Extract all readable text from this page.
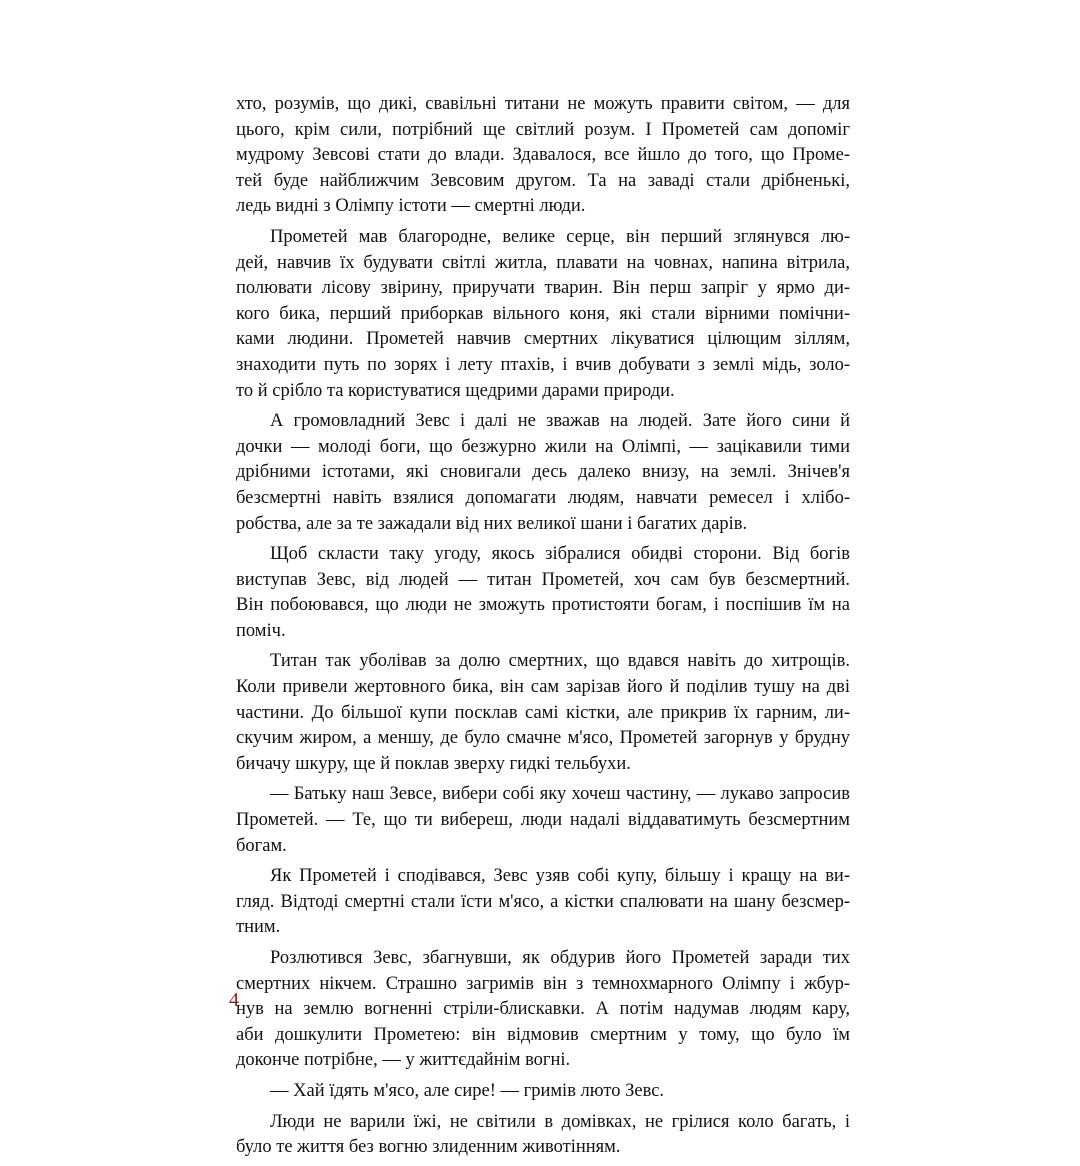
хто, розумів, що дикі, свавільні титани не можуть правити світом, — для
цього, крім сили, потрібний ще світлий розум. І Прометей сам допоміг
мудрому Зевсові стати до влади. Здавалося, все йшло до того, що Проме-
тей буде найближчим Зевсовим другом. Та на заваді стали дрібненькі,
ледь видні з Олімпу істоти — смертні люди.
Прометей мав благородне, велике серце, він перший зглянувся лю-
дей, навчив їх будувати світлі житла, плавати на човнах, напина вітрила,
полювати лісову звірину, приручати тварин. Він перш запріг у ярмо ди-
кого бика, перший приборкав вільного коня, які стали вірними помічни-
ками людини. Прометей навчив смертних лікуватися цілющим зіллям,
знаходити путь по зорях і лету птахів, і вчив добувати з землі мідь, золо-
то й срібло та користуватися щедрими дарами природи.
А громовладний Зевс і далі не зважав на людей. Зате його сини й
дочки — молоді боги, що безжурно жили на Олімпі, — зацікавили тими
дрібними істотами, які сновигали десь далеко внизу, на землі. Знічев'я
безсмертні навіть взялися допомагати людям, навчати ремесел і хлібо-
робства, але за те зажадали від них великої шани і багатих дарів.
Щоб скласти таку угоду, якось зібралися обидві сторони. Від богів
виступав Зевс, від людей — титан Прометей, хоч сам був безсмертний.
Він побоювався, що люди не зможуть протистояти богам, і поспішив їм на
поміч.
Титан так уболівав за долю смертних, що вдався навіть до хитрощів.
Коли привели жертовного бика, він сам зарізав його й поділив тушу на дві
частини. До більшої купи посклав самі кістки, але прикрив їх гарним, ли-
скучим жиром, а меншу, де було смачне м'ясо, Прометей загорнув у брудну
бичачу шкуру, ще й поклав зверху гидкі тельбухи.
— Батьку наш Зевсе, вибери собі яку хочеш частину, — лукаво запросив
Прометей. — Те, що ти вибереш, люди надалі віддаватимуть безсмертним
богам.
Як Прометей і сподівався, Зевс узяв собі купу, більшу і кращу на ви-
гляд. Відтоді смертні стали їсти м'ясо, а кістки спалювати на шану безсмер-
тним.
Розлютився Зевс, збагнувши, як обдурив його Прометей заради тих
смертних нікчем. Страшно загримів він з темнохмарного Олімпу і жбур-
нув на землю вогненні стріли-блискавки. А потім надумав людям кару,
аби дошкулити Прометею: він відмовив смертним у тому, що було їм
доконче потрібне, — у життєдайнім вогні.
— Хай їдять м'ясо, але сире! — гримів люто Зевс.
Люди не варили їжі, не світили в домівках, не грілися коло багать, і
було те життя без вогню злиденним животінням.
4
